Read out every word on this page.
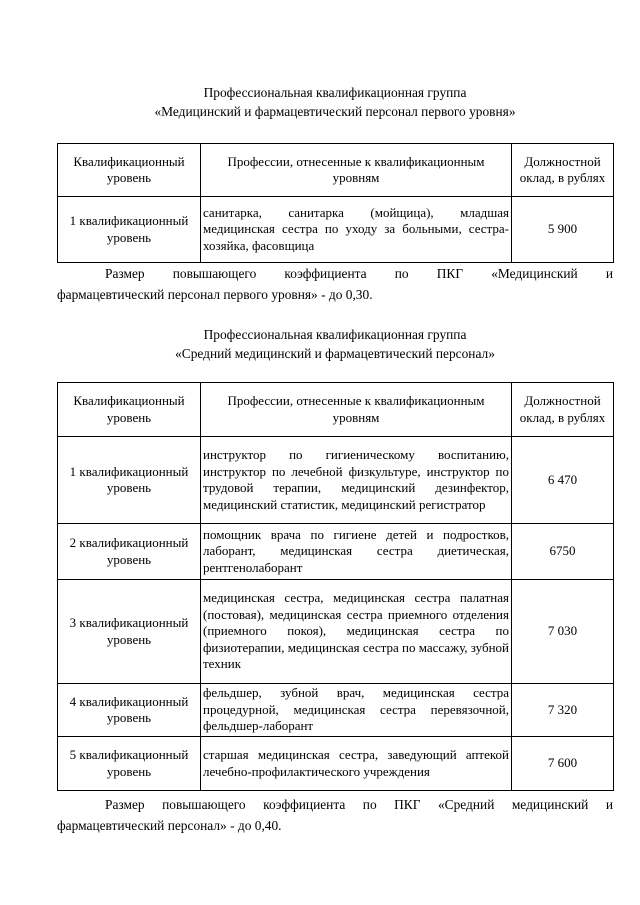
Профессиональная квалификационная группа
«Медицинский и фармацевтический персонал первого уровня»
Квалификационный уровень	Профессии, отнесенные к квалификационным уровням	Должностной оклад, в рублях
1 квалификационный уровень	санитарка, санитарка (мойщица), младшая медицинская сестра по уходу за больными, сестра-хозяйка, фасовщица	5 900
Размер повышающего коэффициента по ПКГ «Медицинский и
фармацевтический персонал первого уровня» - до 0,30.
Профессиональная квалификационная группа
«Средний медицинский и фармацевтический персонал»
Квалификационный уровень	Профессии, отнесенные к квалификационным уровням	Должностной оклад, в рублях
1 квалификационный уровень	инструктор по гигиеническому воспитанию, инструктор по лечебной физкультуре, инструктор по трудовой терапии, медицинский дезинфектор, медицинский статистик, медицинский регистратор	6 470
2 квалификационный уровень	помощник врача по гигиене детей и подростков, лаборант, медицинская сестра диетическая, рентгенолаборант	6750
3 квалификационный уровень	медицинская сестра, медицинская сестра палатная (постовая), медицинская сестра приемного отделения (приемного покоя), медицинская сестра по физиотерапии, медицинская сестра по массажу, зубной техник	7 030
4 квалификационный уровень	фельдшер, зубной врач, медицинская сестра процедурной, медицинская сестра перевязочной, фельдшер-лаборант	7 320
5 квалификационный уровень	старшая медицинская сестра, заведующий аптекой лечебно-профилактического учреждения	7 600
Размер повышающего коэффициента по ПКГ «Средний медицинский и
фармацевтический персонал» - до 0,40.
